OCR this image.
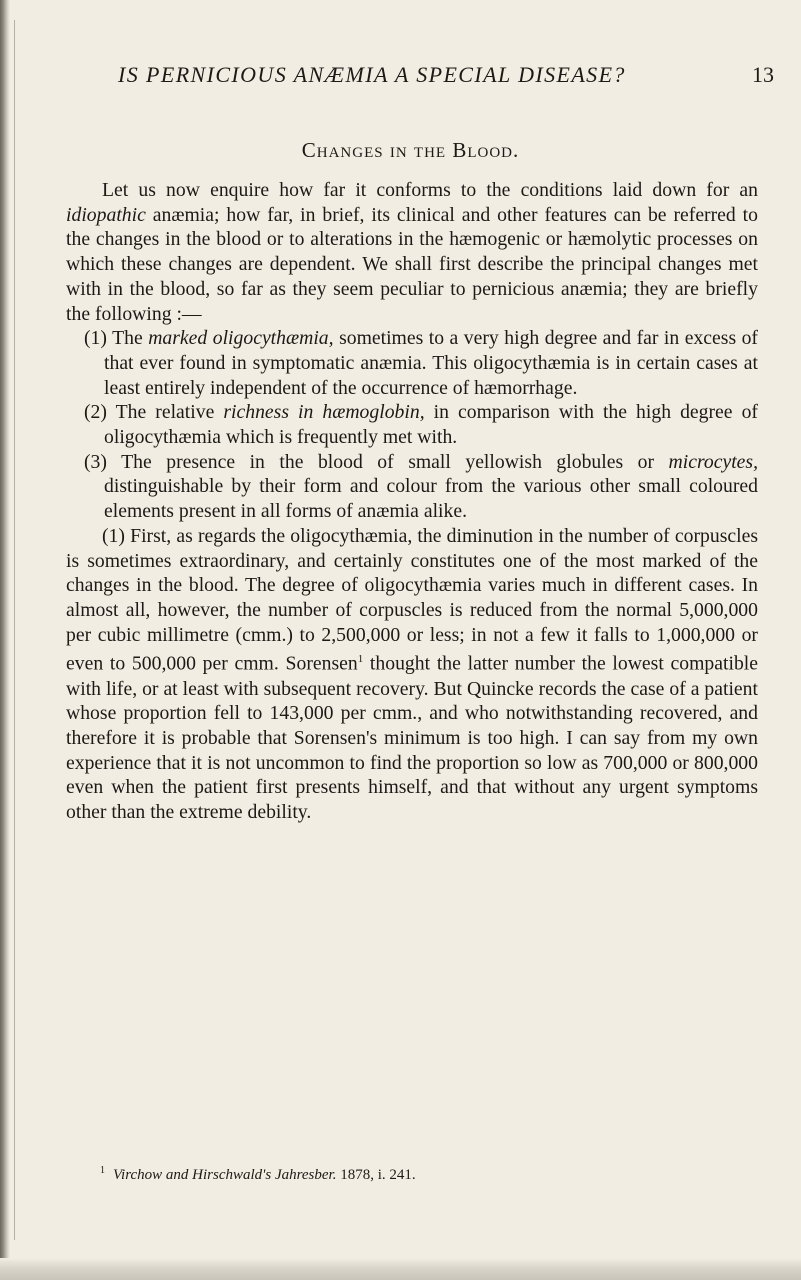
IS PERNICIOUS ANÆMIA A SPECIAL DISEASE?	13
Changes in the Blood.

Let us now enquire how far it conforms to the conditions laid down for an idiopathic anæmia; how far, in brief, its clinical and other features can be referred to the changes in the blood or to alterations in the hæmogenic or hæmolytic processes on which these changes are dependent. We shall first describe the principal changes met with in the blood, so far as they seem peculiar to pernicious anæmia; they are briefly the following :—

(1) The marked oligocythæmia, sometimes to a very high degree and far in excess of that ever found in symptomatic anæmia. This oligocythæmia is in certain cases at least entirely independent of the occurrence of hæmorrhage.

(2) The relative richness in hæmoglobin, in comparison with the high degree of oligocythæmia which is frequently met with.

(3) The presence in the blood of small yellowish globules or microcytes, distinguishable by their form and colour from the various other small coloured elements present in all forms of anæmia alike.

(1) First, as regards the oligocythæmia, the diminution in the number of corpuscles is sometimes extraordinary, and certainly constitutes one of the most marked of the changes in the blood. The degree of oligocythæmia varies much in different cases. In almost all, however, the number of corpuscles is reduced from the normal 5,000,000 per cubic millimetre (cmm.) to 2,500,000 or less; in not a few it falls to 1,000,000 or even to 500,000 per cmm. Sorensen$^1$ thought the latter number the lowest compatible with life, or at least with subsequent recovery. But Quincke records the case of a patient whose proportion fell to 143,000 per cmm., and who notwithstanding recovered, and therefore it is probable that Sorensen's minimum is too high. I can say from my own experience that it is not uncommon to find the proportion so low as 700,000 or 800,000 even when the patient first presents himself, and that without any urgent symptoms other than the extreme debility.

$^1$ Virchow and Hirschwald's Jahresber. 1878, i. 241.
